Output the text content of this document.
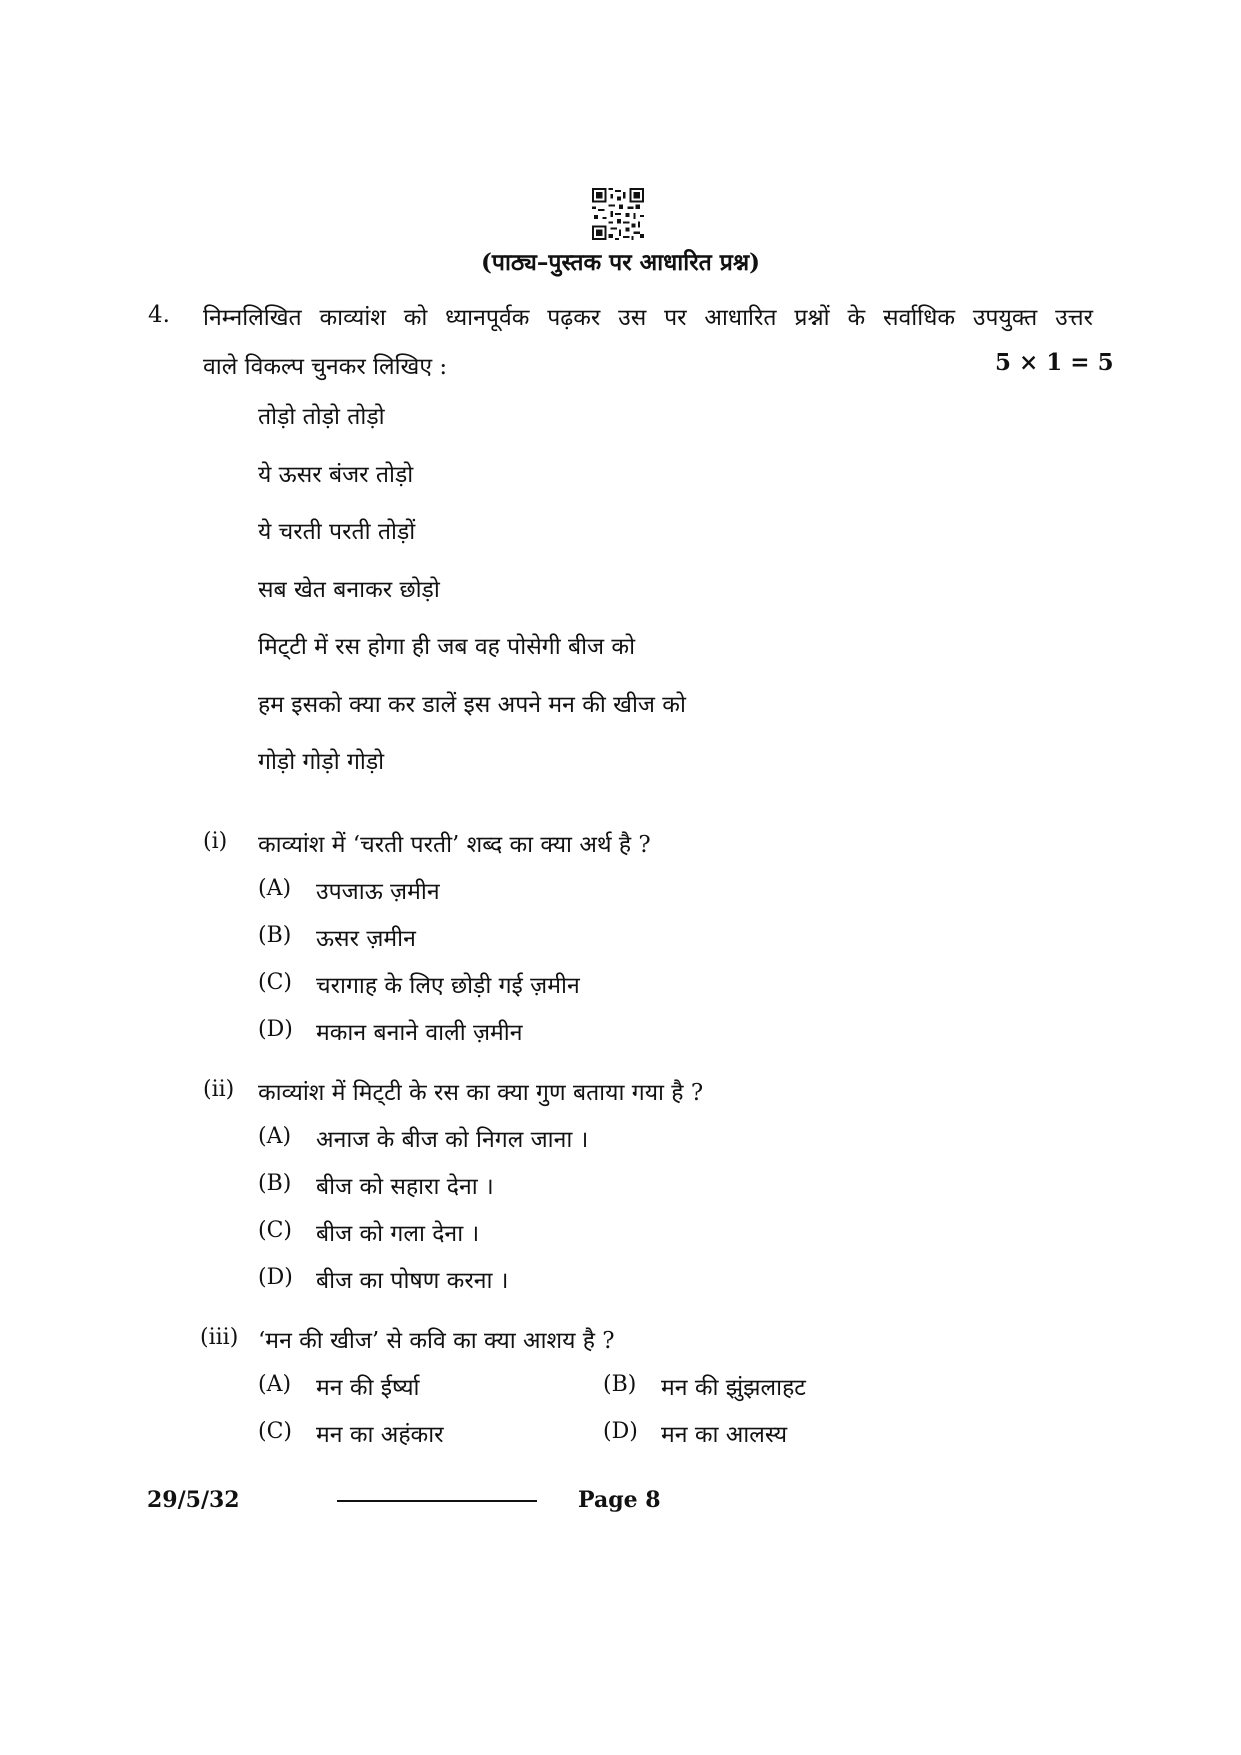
(पाठ्य–पुस्तक पर आधारित प्रश्न)
4. निम्नलिखित काव्यांश को ध्यानपूर्वक पढ़कर उस पर आधारित प्रश्नों के सर्वाधिक उपयुक्त उत्तर
वाले विकल्प चुनकर लिखिए :	5 × 1 = 5
तोड़ो तोड़ो तोड़ो
ये ऊसर बंजर तोड़ो
ये चरती परती तोड़ों
सब खेत बनाकर छोड़ो
मिट्‌टी में रस होगा ही जब वह पोसेगी बीज को
हम इसको क्या कर डालें इस अपने मन की खीज को
गोड़ो गोड़ो गोड़ो
(i) काव्यांश में ‘चरती परती’ शब्द का क्या अर्थ है ?
(A) उपजाऊ ज़मीन
(B) ऊसर ज़मीन
(C) चरागाह के लिए छोड़ी गई ज़मीन
(D) मकान बनाने वाली ज़मीन
(ii) काव्यांश में मिट्‌टी के रस का क्या गुण बताया गया है ?
(A) अनाज के बीज को निगल जाना ।
(B) बीज को सहारा देना ।
(C) बीज को गला देना ।
(D) बीज का पोषण करना ।
(iii) ‘मन की खीज’ से कवि का क्या आशय है ?
(A) मन की ईर्ष्या	(B) मन की झुंझलाहट
(C) मन का अहंकार	(D) मन का आलस्य
29/5/32	Page 8
